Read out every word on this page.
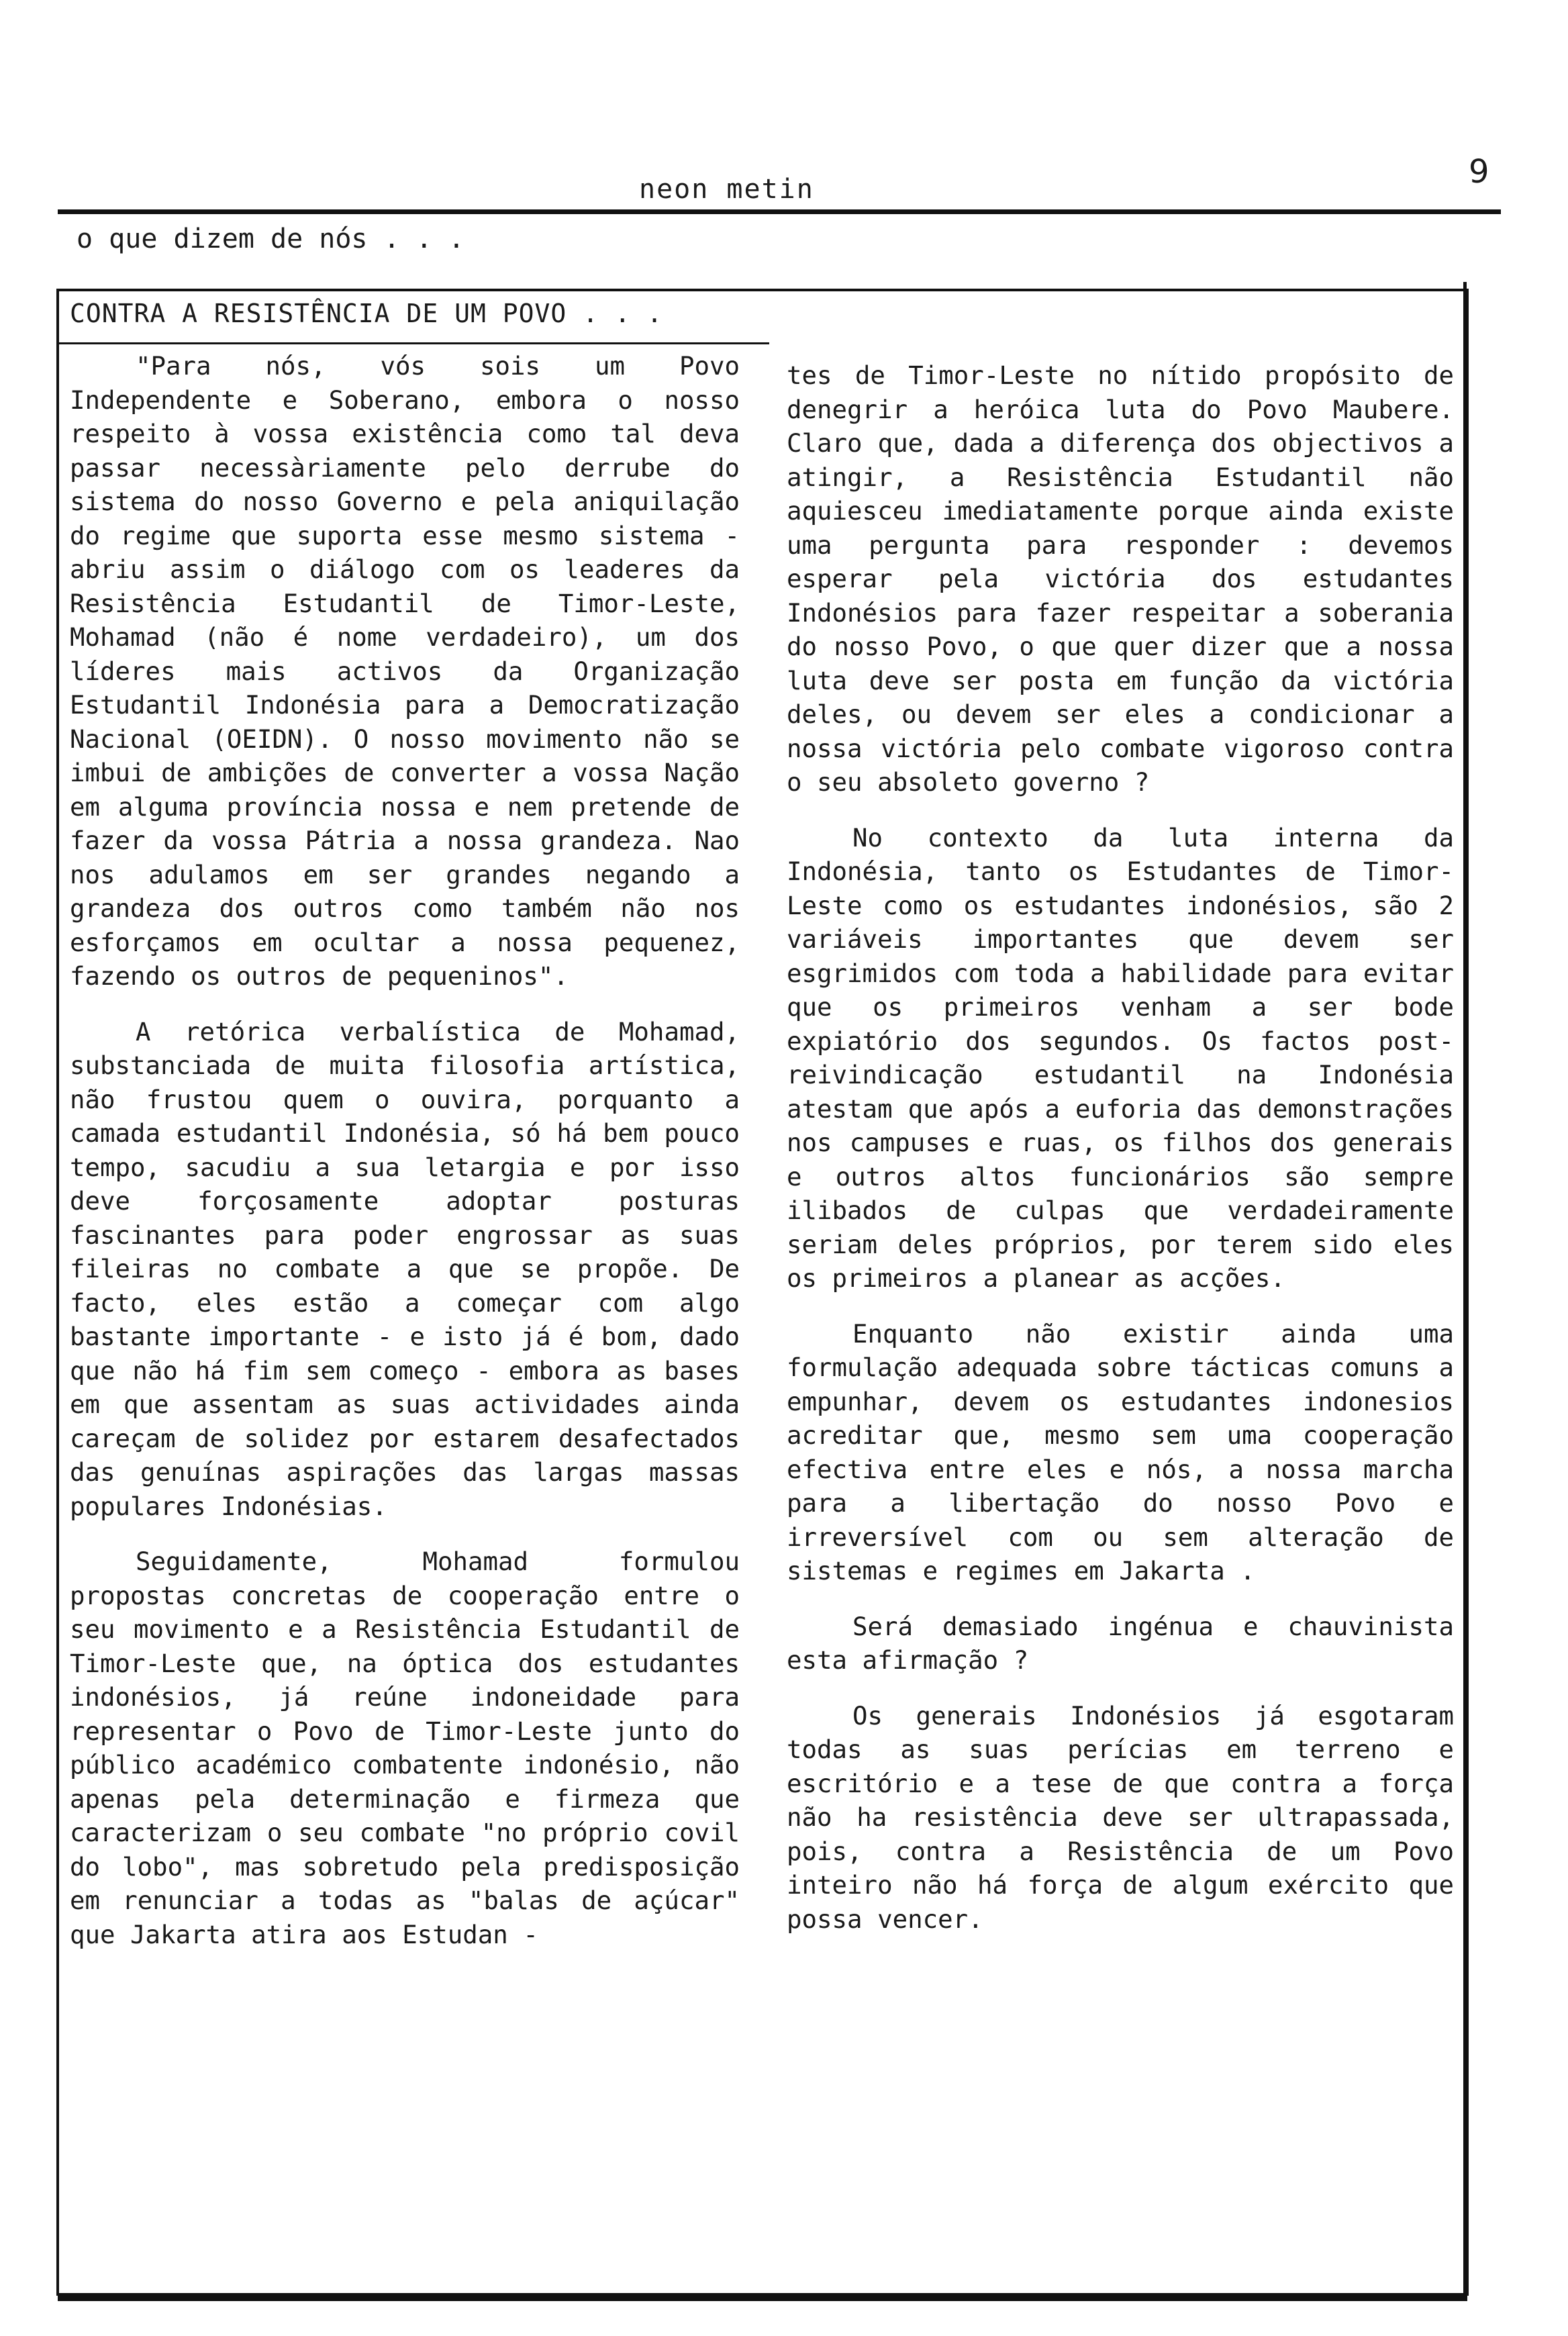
neon metin	9
o que dizem de nós . . .
CONTRA A RESISTÊNCIA DE UM POVO . . .

"Para nós, vós sois um Povo Independente e Soberano, embora o nosso respeito à vossa existência como tal deva passar necessàriamente pelo derrube do sistema do nosso Governo e pela aniquilação do regime que suporta esse mesmo sistema - abriu assim o diálogo com os leaderes da Resistência Estudantil de Timor-Leste, Mohamad (não é nome verdadeiro), um dos líderes mais activos da Organização Estudantil Indonésia para a Democratização Nacional (OEIDN). O nosso movimento não se imbui de ambições de converter a vossa Nação em alguma província nossa e nem pretende de fazer da vossa Pátria a nossa grandeza. Nao nos adulamos em ser grandes negando a grandeza dos outros como também não nos esforçamos em ocultar a nossa pequenez, fazendo os outros de pequeninos".

A retórica verbalística de Mohamad, substanciada de muita filosofia artística, não frustou quem o ouvira, porquanto a camada estudantil Indonésia, só há bem pouco tempo, sacudiu a sua letargia e por isso deve forçosamente adoptar posturas fascinantes para poder engrossar as suas fileiras no combate a que se propõe. De facto, eles estão a começar com algo bastante importante - e isto já é bom, dado que não há fim sem começo - embora as bases em que assentam as suas actividades ainda careçam de solidez por estarem desafectados das genuínas aspirações das largas massas populares Indonésias.

Seguidamente, Mohamad formulou propostas concretas de cooperação entre o seu movimento e a Resistência Estudantil de Timor-Leste que, na óptica dos estudantes indonésios, já reúne indoneidade para representar o Povo de Timor-Leste junto do público académico combatente indonésio, não apenas pela determinação e firmeza que caracterizam o seu combate "no próprio covil do lobo", mas sobretudo pela predisposição em renunciar a todas as "balas de açúcar" que Jakarta atira aos Estudan -

tes de Timor-Leste no nítido propósito de denegrir a heróica luta do Povo Maubere. Claro que, dada a diferença dos objectivos a atingir, a Resistência Estudantil não aquiesceu imediatamente porque ainda existe uma pergunta para responder : devemos esperar pela victória dos estudantes Indonésios para fazer respeitar a soberania do nosso Povo, o que quer dizer que a nossa luta deve ser posta em função da victória deles, ou devem ser eles a condicionar a nossa victória pelo combate vigoroso contra o seu absoleto governo ?

No contexto da luta interna da Indonésia, tanto os Estudantes de Timor-Leste como os estudantes indonésios, são 2 variáveis importantes que devem ser esgrimidos com toda a habilidade para evitar que os primeiros venham a ser bode expiatório dos segundos. Os factos post-reivindicação estudantil na Indonésia atestam que após a euforia das demonstrações nos campuses e ruas, os filhos dos generais e outros altos funcionários são sempre ilibados de culpas que verdadeiramente seriam deles próprios, por terem sido eles os primeiros a planear as acções.

Enquanto não existir ainda uma formulação adequada sobre tácticas comuns a empunhar, devem os estudantes indonesios acreditar que, mesmo sem uma cooperação efectiva entre eles e nós, a nossa marcha para a libertação do nosso Povo e irreversível com ou sem alteração de sistemas e regimes em Jakarta .

Será demasiado ingénua e chauvinista esta afirmação ?

Os generais Indonésios já esgotaram todas as suas perícias em terreno e escritório e a tese de que contra a força não ha resistência deve ser ultrapassada, pois, contra a Resistência de um Povo inteiro não há força de algum exército que possa vencer.
